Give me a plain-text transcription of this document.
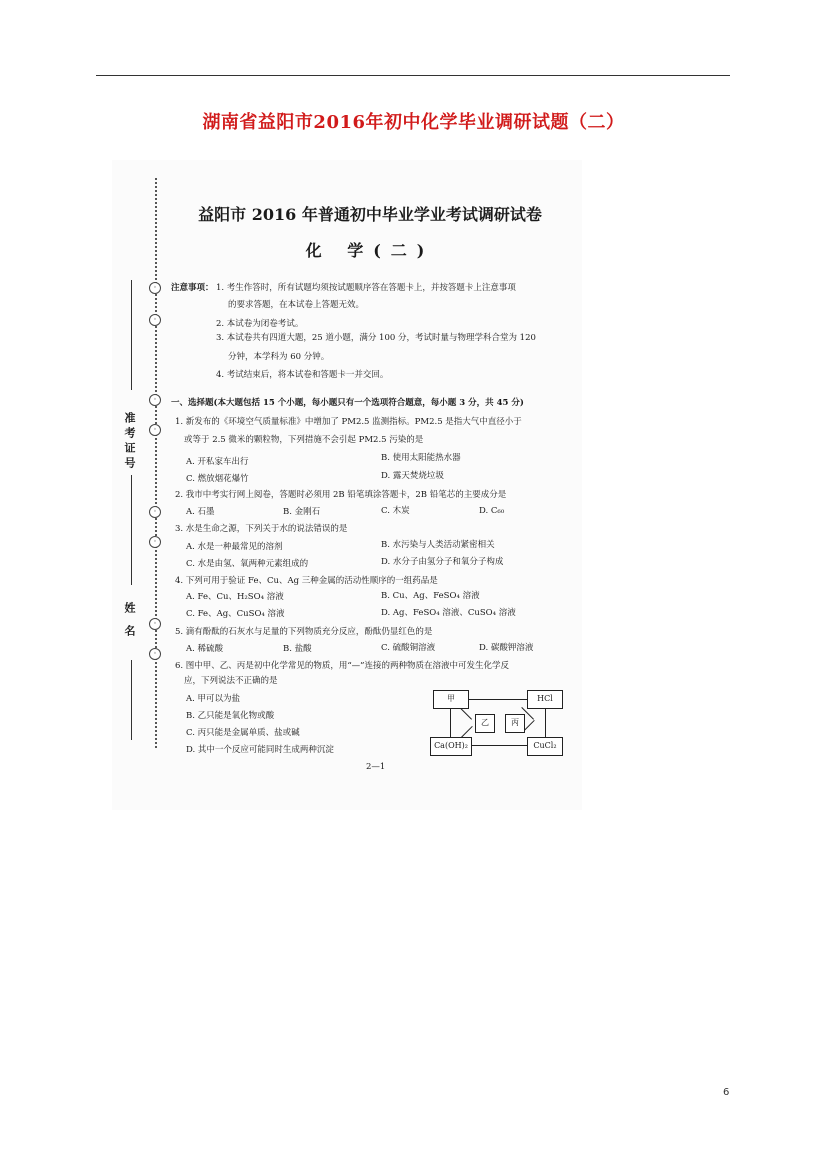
湖南省益阳市2016年初中化学毕业调研试题（二）
◦
◦
◦
◦
◦
◦
◦
◦
准考证号
姓 名
益阳市 2016 年普通初中毕业学业考试调研试卷
化 学(二)
注意事项： 1. 考生作答时，所有试题均须按试题顺序答在答题卡上，并按答题卡上注意事项
的要求答题，在本试卷上答题无效。
2. 本试卷为闭卷考试。
3. 本试卷共有四道大题，25 道小题，满分 100 分，考试时量与物理学科合堂为 120
分钟，本学科为 60 分钟。
4. 考试结束后，将本试卷和答题卡一并交回。
一、选择题(本大题包括 15 个小题，每小题只有一个选项符合题意，每小题 3 分，共 45 分)
1. 新发布的《环境空气质量标准》中增加了 PM2.5 监测指标。PM2.5 是指大气中直径小于
或等于 2.5 微米的颗粒物，下列措施不会引起 PM2.5 污染的是
A. 开私家车出行	B. 使用太阳能热水器
C. 燃放烟花爆竹	D. 露天焚烧垃圾
2. 我市中考实行网上阅卷，答题时必须用 2B 铅笔填涂答题卡，2B 铅笔芯的主要成分是
A. 石墨	B. 金刚石	C. 木炭	D. C₆₀
3. 水是生命之源，下列关于水的说法错误的是
A. 水是一种最常见的溶剂	B. 水污染与人类活动紧密相关
C. 水是由氢、氧两种元素组成的	D. 水分子由氢分子和氧分子构成
4. 下列可用于验证 Fe、Cu、Ag 三种金属的活动性顺序的一组药品是
A. Fe、Cu、H₂SO₄ 溶液	B. Cu、Ag、FeSO₄ 溶液
C. Fe、Ag、CuSO₄ 溶液	D. Ag、FeSO₄ 溶液、CuSO₄ 溶液
5. 滴有酚酞的石灰水与足量的下列物质充分反应，酚酞仍显红色的是
A. 稀硫酸	B. 盐酸	C. 硫酸铜溶液	D. 碳酸钾溶液
6. 图中甲、乙、丙是初中化学常见的物质，用“—”连接的两种物质在溶液中可发生化学反
应，下列说法不正确的是
A. 甲可以为盐
B. 乙只能是氧化物或酸
C. 丙只能是金属单质、盐或碱
D. 其中一个反应可能同时生成两种沉淀
甲	HCl
乙	丙
Ca(OH)₂	CuCl₂
2—1
6
